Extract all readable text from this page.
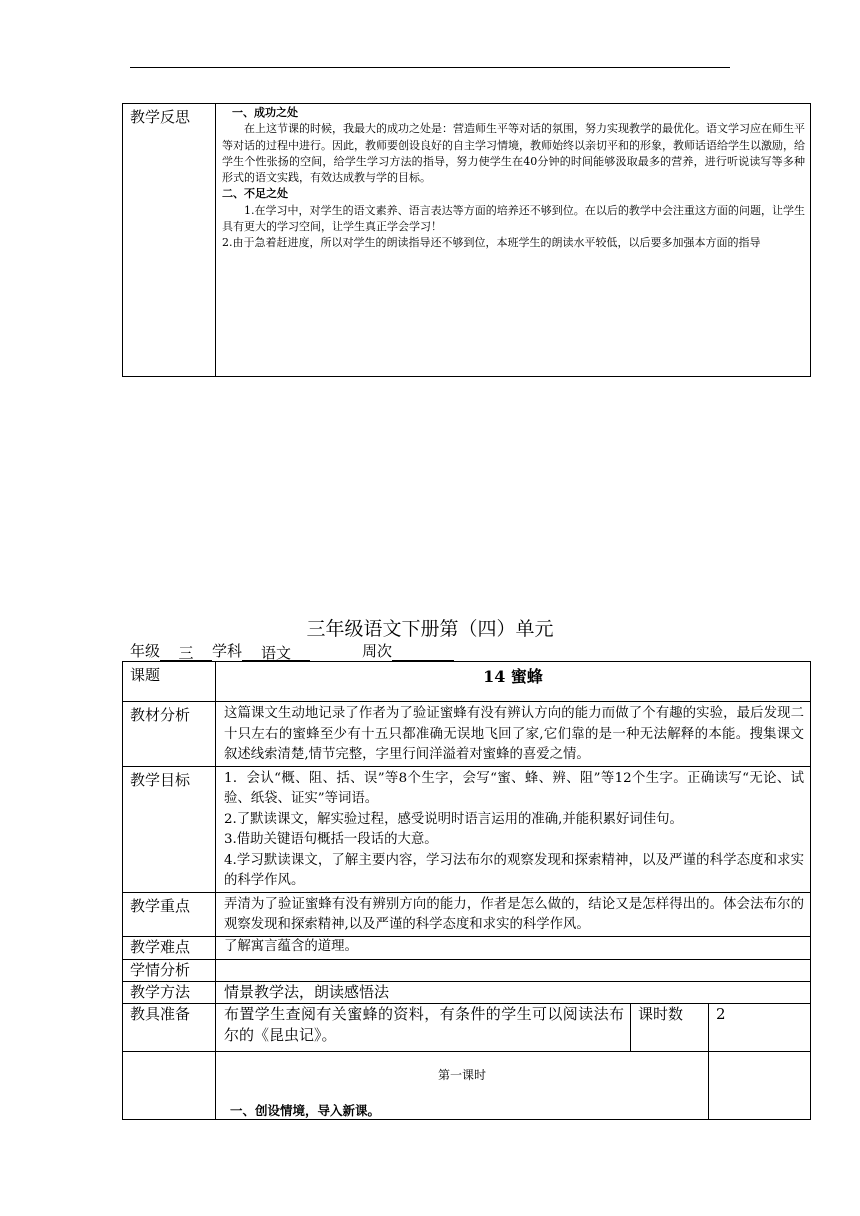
教学反思	一、成功之处
在上这节课的时候，我最大的成功之处是：营造师生平等对话的氛围，努力实现教学的最优化。语文学习应在师生平等对话的过程中进行。因此，教师要创设良好的自主学习情境，教师始终以亲切平和的形象，教师话语给学生以激励，给学生个性张扬的空间，给学生学习方法的指导，努力使学生在40分钟的时间能够汲取最多的营养，进行听说读写等多种形式的语文实践，有效达成教与学的目标。
二、不足之处
1.在学习中，对学生的语文素养、语言表达等方面的培养还不够到位。在以后的教学中会注重这方面的问题，让学生具有更大的学习空间，让学生真正学会学习！
2.由于急着赶进度，所以对学生的朗读指导还不够到位，本班学生的朗读水平较低，以后要多加强本方面的指导
三年级语文下册第（四）单元
年级 三 学科 语文	周次
课题	14 蜜蜂		
教材分析	这篇课文生动地记录了作者为了验证蜜蜂有没有辨认方向的能力而做了个有趣的实验，最后发现二十只左右的蜜蜂至少有十五只都准确无误地飞回了家,它们靠的是一种无法解释的本能。搜集课文叙述线索清楚,情节完整，字里行间洋溢着对蜜蜂的喜爱之情。		
教学目标	1．会认“概、阻、括、误”等8个生字，会写“蜜、蜂、辨、阻”等12个生字。正确读写“无论、试验、纸袋、证实”等词语。
2.了默读课文，解实验过程，感受说明时语言运用的准确,并能积累好词佳句。
3.借助关键语句概括一段话的大意。
4.学习默读课文，了解主要内容，学习法布尔的观察发现和探索精神，以及严谨的科学态度和求实的科学作风。		

教学重点	弄清为了验证蜜蜂有没有辨别方向的能力，作者是怎么做的，结论又是怎样得出的。体会法布尔的观察发现和探索精神,以及严谨的科学态度和求实的科学作风。		
教学难点	了解寓言蕴含的道理。		
学情分析			
教学方法	情景教学法，朗读感悟法		
教具准备	布置学生查阅有关蜜蜂的资料，有条件的学生可以阅读法布尔的《昆虫记》。	课时数	2

	第一课时
一、创设情境，导入新课。		
